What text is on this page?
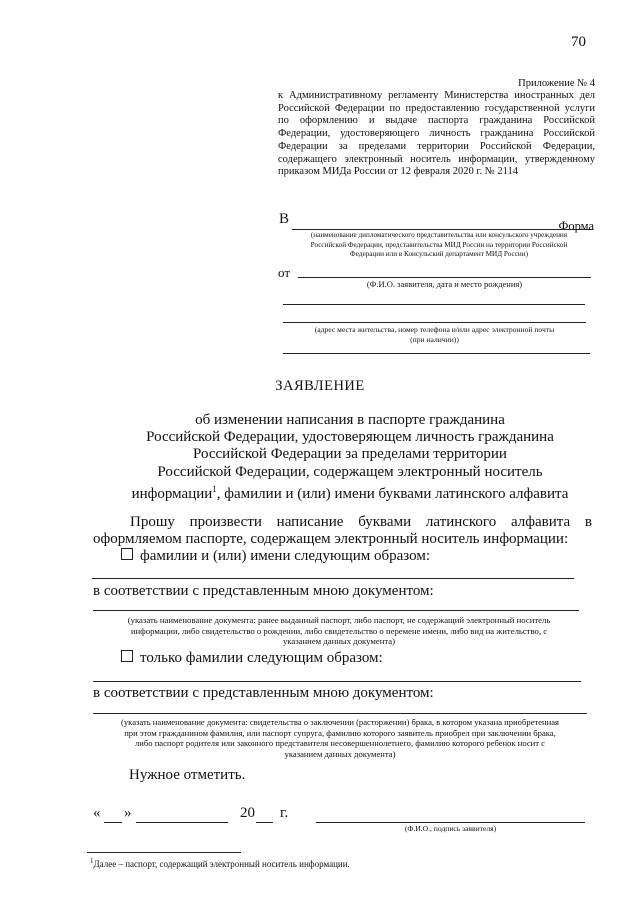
70
Приложение № 4
к Административному регламенту Министерства иностранных дел
Российской Федерации по предоставлению государственной услуги
по оформлению и выдаче паспорта гражданина Российской
Федерации, удостоверяющего личность гражданина Российской
Федерации за пределами территории Российской Федерации,
содержащего электронный носитель информации, утвержденному
приказом МИДа России от 12 февраля 2020 г. № 2114
Форма
В
(наименование дипломатического представительства или консульского учреждения
Российской Федерации, представительства МИД России на территории Российской
Федерации или в Консульский департамент МИД России)
от
(Ф.И.О. заявителя, дата и место рождения)
(адрес места жительства, номер телефона и/или адрес электронной почты
(при наличии))
ЗАЯВЛЕНИЕ
об изменении написания в паспорте гражданина
Российской Федерации, удостоверяющем личность гражданина
Российской Федерации за пределами территории
Российской Федерации, содержащем электронный носитель
информации$^1$, фамилии и (или) имени буквами латинского алфавита
Прошу произвести написание буквами латинского алфавита в
оформляемом паспорте, содержащем электронный носитель информации:
фамилии и (или) имени следующим образом:
в соответствии с представленным мною документом:
(указать наименование документа: ранее выданный паспорт, либо паспорт, не содержащий электронный носитель
информации, либо свидетельство о рождении, либо свидетельство о перемене имени, либо вид на жительство, с
указанием данных документа)
только фамилии следующим образом:
в соответствии с представленным мною документом:
(указать наименование документа: свидетельства о заключении (расторжении) брака, в котором указана приобретенная
при этом гражданином фамилия, или паспорт супруга, фамилию которого заявитель приобрел при заключении брака,
либо паспорт родителя или законного представителя несовершеннолетнего, фамилию которого ребенок носит с
указанием данных документа)
Нужное отметить.
« »	20 г.
(Ф.И.О., подпись заявителя)
$^1$Далее – паспорт, содержащий электронный носитель информации.
